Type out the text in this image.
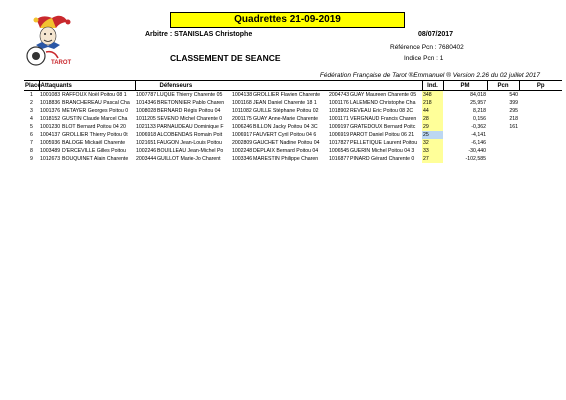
TAROT
Quadrettes 21-09-2019
Arbitre : STANISLAS Christophe	08/07/2017
Référence Pcn : 7680402
CLASSEMENT DE SEANCE	Indice Pcn : 1
Fédération Française de Tarot ®Emmanuel ® Version 2.26 du 02 juillet 2017
Place	Attaquants		Défenseurs						Ind.	PM	Pcn	Pp
1	1001083	RAFFOUX Noël Poitou 08 1	1007787	LUQUE Thierry Charente 05	1004138	GROLLIER Flavien Charente	2004743	GUAY Maureen Charente 05	348	84,018	540	
2	1018836	BRANCHEREAU Pascal Cha	1014346	BRETONNIER Pablo Charen	1001168	JEAN Daniel Charente 18 1	1001176	LALEMEND Christophe Cha	218	25,957	399	
3	1001376	METAYER Georges Poitou 0	1008028	BERNARD Régis Poitou 04	1011082	GUILLE Stéphane Poitou 02	1018902	REVEAU Eric Poitou 08 2C	44	8,218	295	
4	1018152	GUSTIN Claude Marcel Cha	1011205	SEVENO Michel Charente 0	2001175	GUAY Anne-Marie Charente	1001171	VERGNAUD Francis Charen	28	0,156	218	
5	1001230	BLOT Bernard Poitou 04 20	1021133	PARNAUDEAU Dominique F	1006246	BILLON Jacky Poitou 04 3C	1009197	GRATEDOUX Bernard Poitc	29	-0,362	161	
6	1004137	GROLLIER Thierry Poitou 0t	1006918	ALCOBENDAS Romain Poit	1006917	FAUVERT Cyril Poitou 04 6	1006919	PAROT Daniel Poitou 06 21	25	-4,141		
7	1005936	BALOGE Mickaël Charente	1021651	FAUGON Jean-Louis Poitou	2002809	GAUCHET Nadine Poitou 04	1017827	PELLETIQUE Laurent Poitou	32	-6,146		
8	1003489	D'ERCEVILLE Gilles Poitou	1002246	BOUILLEAU Jean-Michel Po	1002248	DEPLAIX Bernard Poitou 04	1006545	GUERIN Michel Poitou 04 3	33	-30,440		
9	1012673	BOUQUINET Alain Charente	2003444	GUILLOT Marie-Jo Charent	1003346	MARESTIN Philippe Charen	1016877	PINARD Gérard Charente 0	27	-102,585		
